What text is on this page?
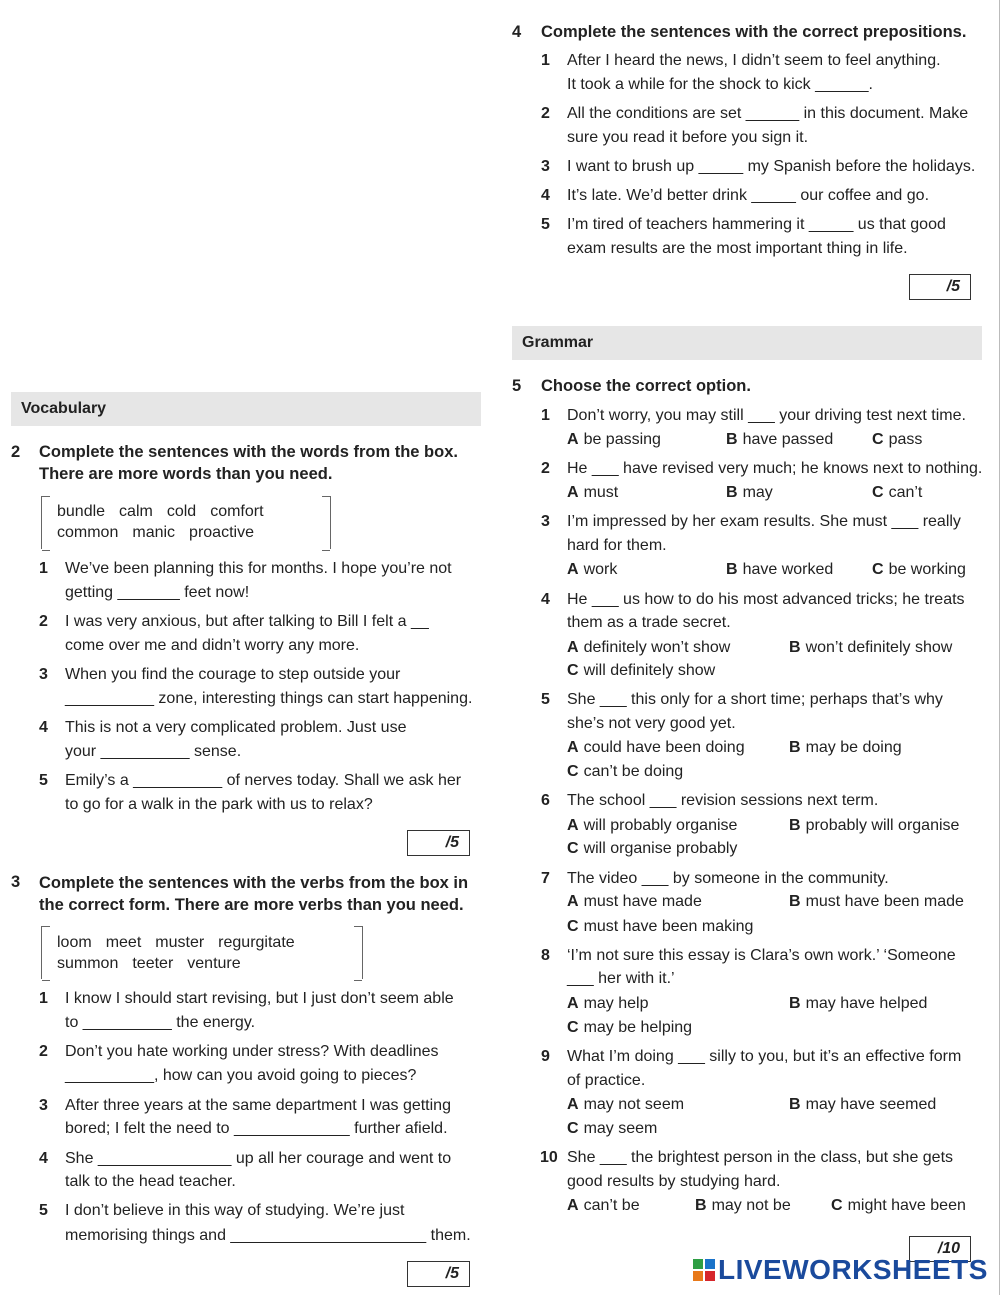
4 Complete the sentences with the correct prepositions.
1 After I heard the news, I didn’t seem to feel anything.
It took a while for the shock to kick ______.
2 All the conditions are set ______ in this document. Make
sure you read it before you sign it.
3 I want to brush up _____ my Spanish before the holidays.
4 It’s late. We’d better drink _____ our coffee and go.
5 I’m tired of teachers hammering it _____ us that good
exam results are the most important thing in life.
/5
Grammar
5 Choose the correct option.
1 Don’t worry, you may still ___ your driving test next time.
A be passing	B have passed C pass
2 He ___ have revised very much; he knows next to nothing.
A must	B may	C can’t
3 I’m impressed by her exam results. She must ___ really
hard for them.
A work	B have worked C be working
4 He ___ us how to do his most advanced tricks; he treats
them as a trade secret.
A definitely won’t show	B won’t definitely show
C will definitely show
5 She ___ this only for a short time; perhaps that’s why
she’s not very good yet.
A could have been doing	B may be doing
C can’t be doing
6 The school ___ revision sessions next term.
A will probably organise	B probably will organise
C will organise probably
7 The video ___ by someone in the community.
A must have made	B must have been made
C must have been making
8 ‘I’m not sure this essay is Clara’s own work.’ ‘Someone
___ her with it.’
A may help	B may have helped
C may be helping
9 What I’m doing ___ silly to you, but it’s an effective form
of practice.
A may not seem	B may have seemed
C may seem
10 She ___ the brightest person in the class, but she gets
good results by studying hard.
A can’t be	B may not be	C might have been
/10
LIVEWORKSHEETS
Vocabulary
2 Complete the sentences with the words from the box.
There are more words than you need.
bundle calm cold comfort
common manic proactive
1 We’ve been planning this for months. I hope you’re not
getting _______ feet now!
2 I was very anxious, but after talking to Bill I felt a __
come over me and didn’t worry any more.
3 When you find the courage to step outside your
__________ zone, interesting things can start happening.
4 This is not a very complicated problem. Just use
your __________ sense.
5 Emily’s a __________ of nerves today. Shall we ask her
to go for a walk in the park with us to relax?
/5
3 Complete the sentences with the verbs from the box in
the correct form. There are more verbs than you need.
loom meet muster regurgitate
summon teeter venture
1 I know I should start revising, but I just don’t seem able
to __________ the energy.
2 Don’t you hate working under stress? With deadlines
__________, how can you avoid going to pieces?
3 After three years at the same department I was getting
bored; I felt the need to _____________ further afield.
4 She _______________ up all her courage and went to
talk to the head teacher.
5 I don’t believe in this way of studying. We’re just
memorising things and ______________________ them.
/5
